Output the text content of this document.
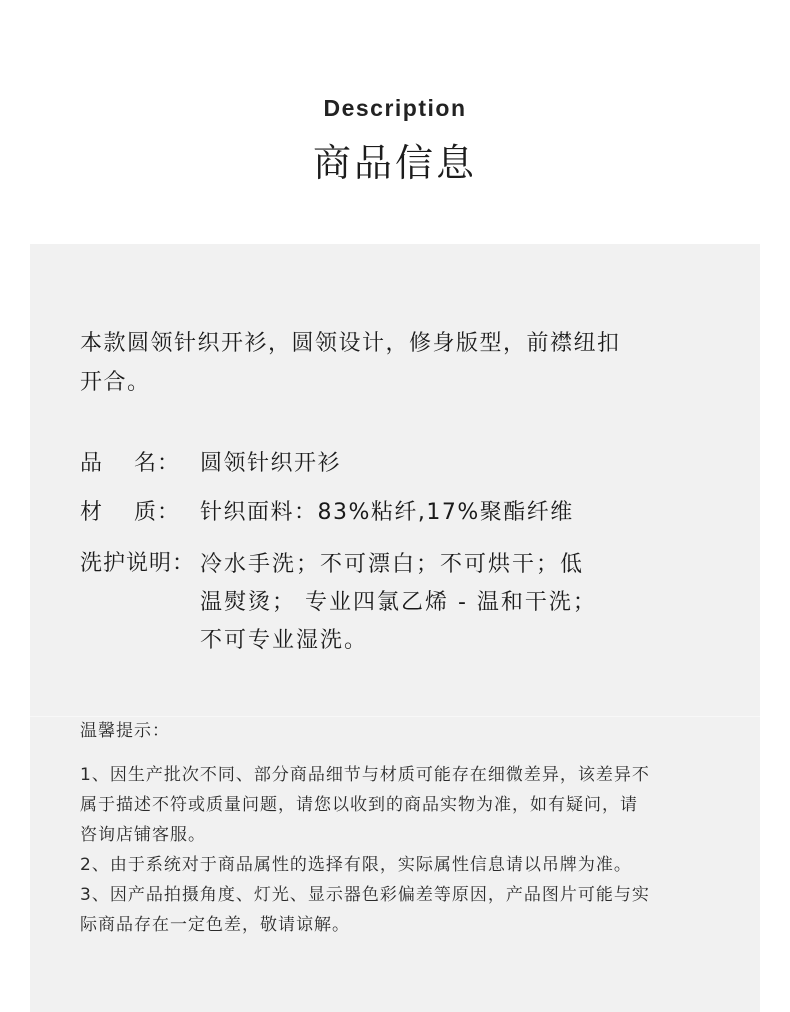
Description
商品信息
本款圆领针织开衫，圆领设计，修身版型，前襟纽扣
开合。
品　 名： 圆领针织开衫
材　 质： 针织面料：83%粘纤,17%聚酯纤维
洗护说明： 冷水手洗；不可漂白；不可烘干；低
温熨烫； 专业四氯乙烯 - 温和干洗；
不可专业湿洗。
温馨提示：
1、因生产批次不同、部分商品细节与材质可能存在细微差异，该差异不
属于描述不符或质量问题，请您以收到的商品实物为准，如有疑问，请
咨询店铺客服。
2、由于系统对于商品属性的选择有限，实际属性信息请以吊牌为准。
3、因产品拍摄角度、灯光、显示器色彩偏差等原因，产品图片可能与实
际商品存在一定色差，敬请谅解。
